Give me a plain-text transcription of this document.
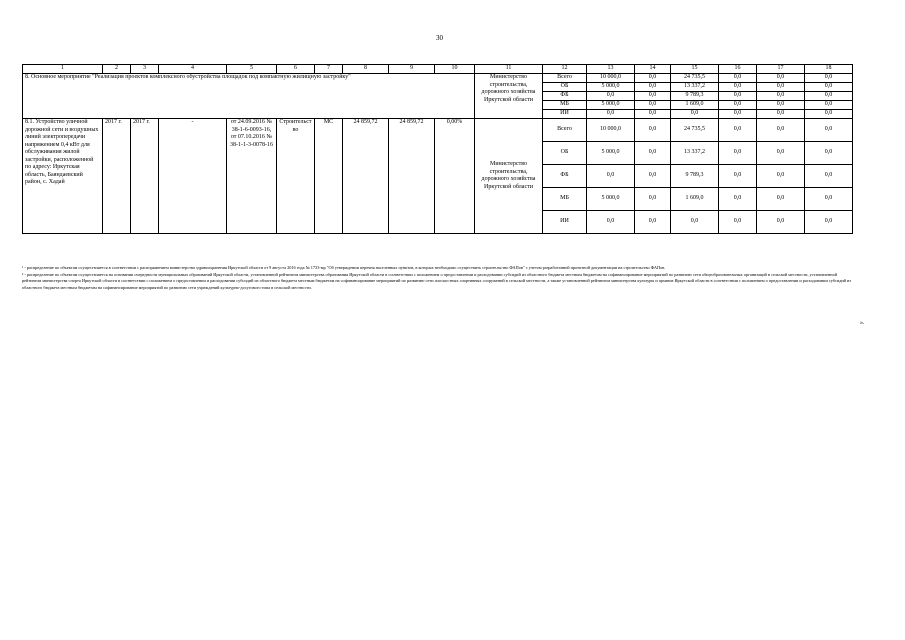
30
1	2	3	4	5	6	7	8	9	10	11	12	13	14	15	16	17	18
8. Основное мероприятие "Реализация проектов комплексного обустройства площадок под компактную жилищную застройку"										Министерство строительства, дорожного хозяйства Иркутской области	Всего	10 000,0	0,0	24 735,5	0,0	0,0	0,0
											ОБ	5 000,0	0,0	13 337,2	0,0	0,0	0,0
											ФБ	0,0	0,0	9 789,3	0,0	0,0	0,0
											МБ	5 000,0	0,0	1 609,0	0,0	0,0	0,0
											ИИ	0,0	0,0	0,0	0,0	0,0	0,0
8.1. Устройство уличной дорожной сети и воздушных линий электропередачи напряжением 0,4 кВт для обслуживания жилой застройки, расположенной по адресу: Иркутская область, Баяндаевский район, с. Хадай	2017 г.	2017 г.	-	от 24.09.2016 № 38-1-6-0093-16, от 07.10.2016 № 38-1-1-3-0078-16	Строительство	МС	24 859,72	24 859,72	0,00%	Министерство строительства, дорожного хозяйства Иркутской области	Всего	10 000,0	0,0	24 735,5	0,0	0,0	0,0
											ОБ	5 000,0	0,0	13 337,2	0,0	0,0	0,0
											ФБ	0,0	0,0	9 789,3	0,0	0,0	0,0
											МБ	5 000,0	0,0	1 609,0	0,0	0,0	0,0
											ИИ	0,0	0,0	0,0	0,0	0,0	0,0

¹ - распределение по объектам осуществляется в соответствии с распоряжением министерства здравоохранения Иркутской области от 9 августа 2016 года № 1733-мр "Об утверждении перечня населенных пунктов, в которых необходимо осуществить строительство ФАПов" с учетом разработанной проектной документации на строительство ФАПов.

² - распределение по объектам осуществляется на основании очередности муниципальных образований Иркутской области, установленной рейтингом министерства образования Иркутской области в соответствии с положением о предоставлении и расходовании субсидий из областного бюджета местным бюджетам на софинансирование мероприятий по развитию сети общеобразовательных организаций в сельской местности, установленной рейтингом министерства спорта Иркутской области в соответствии с положением о предоставлении и расходовании субсидий из областного бюджета местным бюджетам на софинансирование мероприятий по развитию сети плоскостных спортивных сооружений в сельской местности, а также установленной рейтингом министерства культуры и архивов Иркутской области в соответствии с положением о предоставлении и расходовании субсидий из областного бюджета местным бюджетам на софинансирование мероприятий по развитию сети учреждений культурно-досугового типа в сельской местности.

».
